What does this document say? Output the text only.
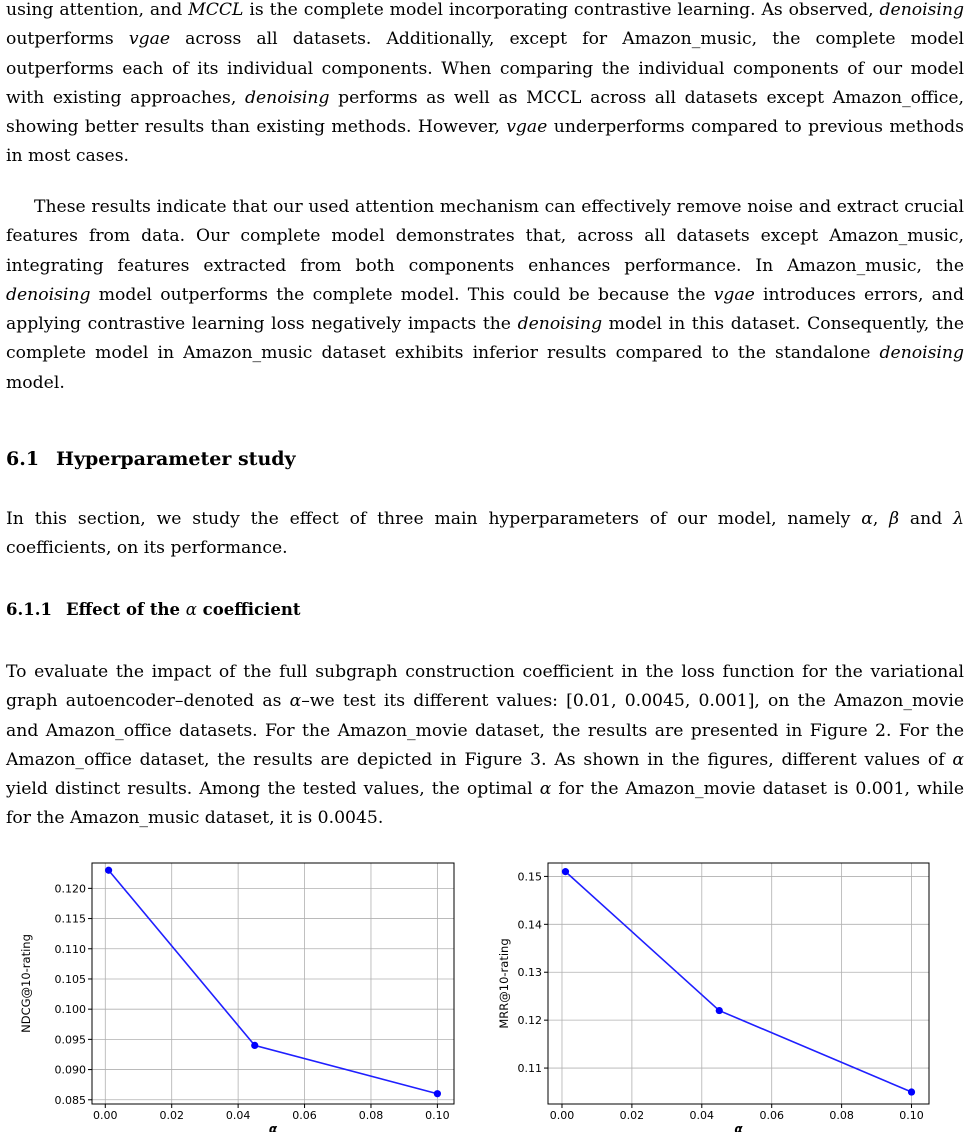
using attention, and MCCL is the complete model incorporating contrastive learning. As observed, denoising outperforms vgae across all datasets. Additionally, except for Amazon_music, the complete model outperforms each of its individual components. When comparing the individual components of our model with existing approaches, denoising performs as well as MCCL across all datasets except Amazon_office, showing better results than existing methods. However, vgae underperforms compared to previous methods in most cases.

These results indicate that our used attention mechanism can effectively remove noise and extract crucial features from data. Our complete model demonstrates that, across all datasets except Amazon_music, integrating features extracted from both components enhances performance. In Amazon_music, the denoising model outperforms the complete model. This could be because the vgae introduces errors, and applying contrastive learning loss negatively impacts the denoising model in this dataset. Consequently, the complete model in Amazon_music dataset exhibits inferior results compared to the standalone denoising model.

6.1 Hyperparameter study

In this section, we study the effect of three main hyperparameters of our model, namely α, β and λ coefficients, on its performance.

6.1.1 Effect of the α coefficient

To evaluate the impact of the full subgraph construction coefficient in the loss function for the variational graph autoencoder–denoted as α–we test its different values: [0.01, 0.0045, 0.001], on the Amazon_movie and Amazon_office datasets. For the Amazon_movie dataset, the results are presented in Figure 2. For the Amazon_office dataset, the results are depicted in Figure 3. As shown in the figures, different values of α yield distinct results. Among the tested values, the optimal α for the Amazon_movie dataset is 0.001, while for the Amazon_music dataset, it is 0.0045.

0.00	0.02	0.04	0.06	0.08	0.10
0.085
0.090
0.095
0.100
0.105
0.110
0.115
0.120
α
NDCG@10-rating
0.00	0.02	0.04	0.06	0.08	0.10
0.11
0.12
0.13
0.14
0.15
α
MRR@10-rating
